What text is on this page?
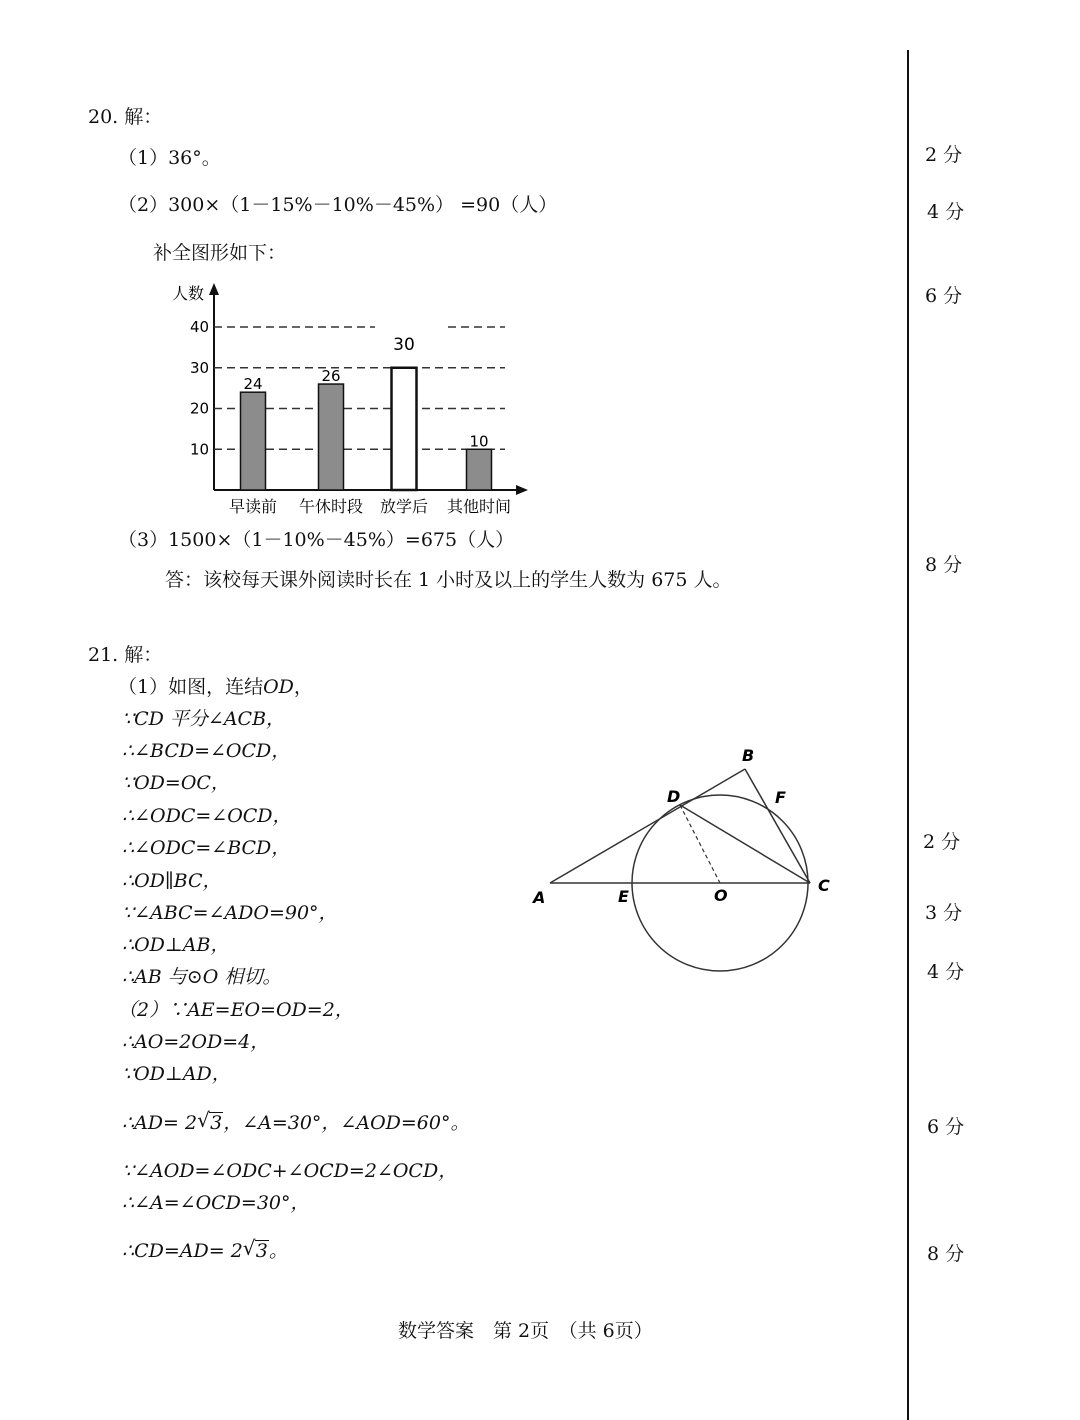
20. 解：
（1）36°。
（2）300×（1－15%－10%－45%） =90（人）
补全图形如下：
人数
10
20
30
40
24	26
30
10
早读前 午休时段 放学后 其他时间
（3）1500×（1－10%－45%）=675（人）
答：该校每天课外阅读时长在 1 小时及以上的学生人数为 675 人。
21. 解：
（1）如图，连结OD，
∵CD 平分∠ACB，
∴∠BCD=∠OCD，
∵OD=OC，
∴∠ODC=∠OCD，
∴∠ODC=∠BCD，
∴OD∥BC，
∵∠ABC=∠ADO=90°，
∴OD⊥AB，
∴AB 与⊙O 相切。
（2）∵AE=EO=OD=2，
∴AO=2OD=4，
∵OD⊥AD，
∴AD= 2 √ 3，∠A=30°，∠AOD=60°。
∵∠AOD=∠ODC+∠OCD=2∠OCD，
∴∠A=∠OCD=30°，
∴CD=AD= 2 √ 3。
A
B
C
D
E
F
O
2 分
4 分
6 分
8 分
2 分
3 分
4 分
6 分
8 分
数学答案　第 2页　（共 6页）
